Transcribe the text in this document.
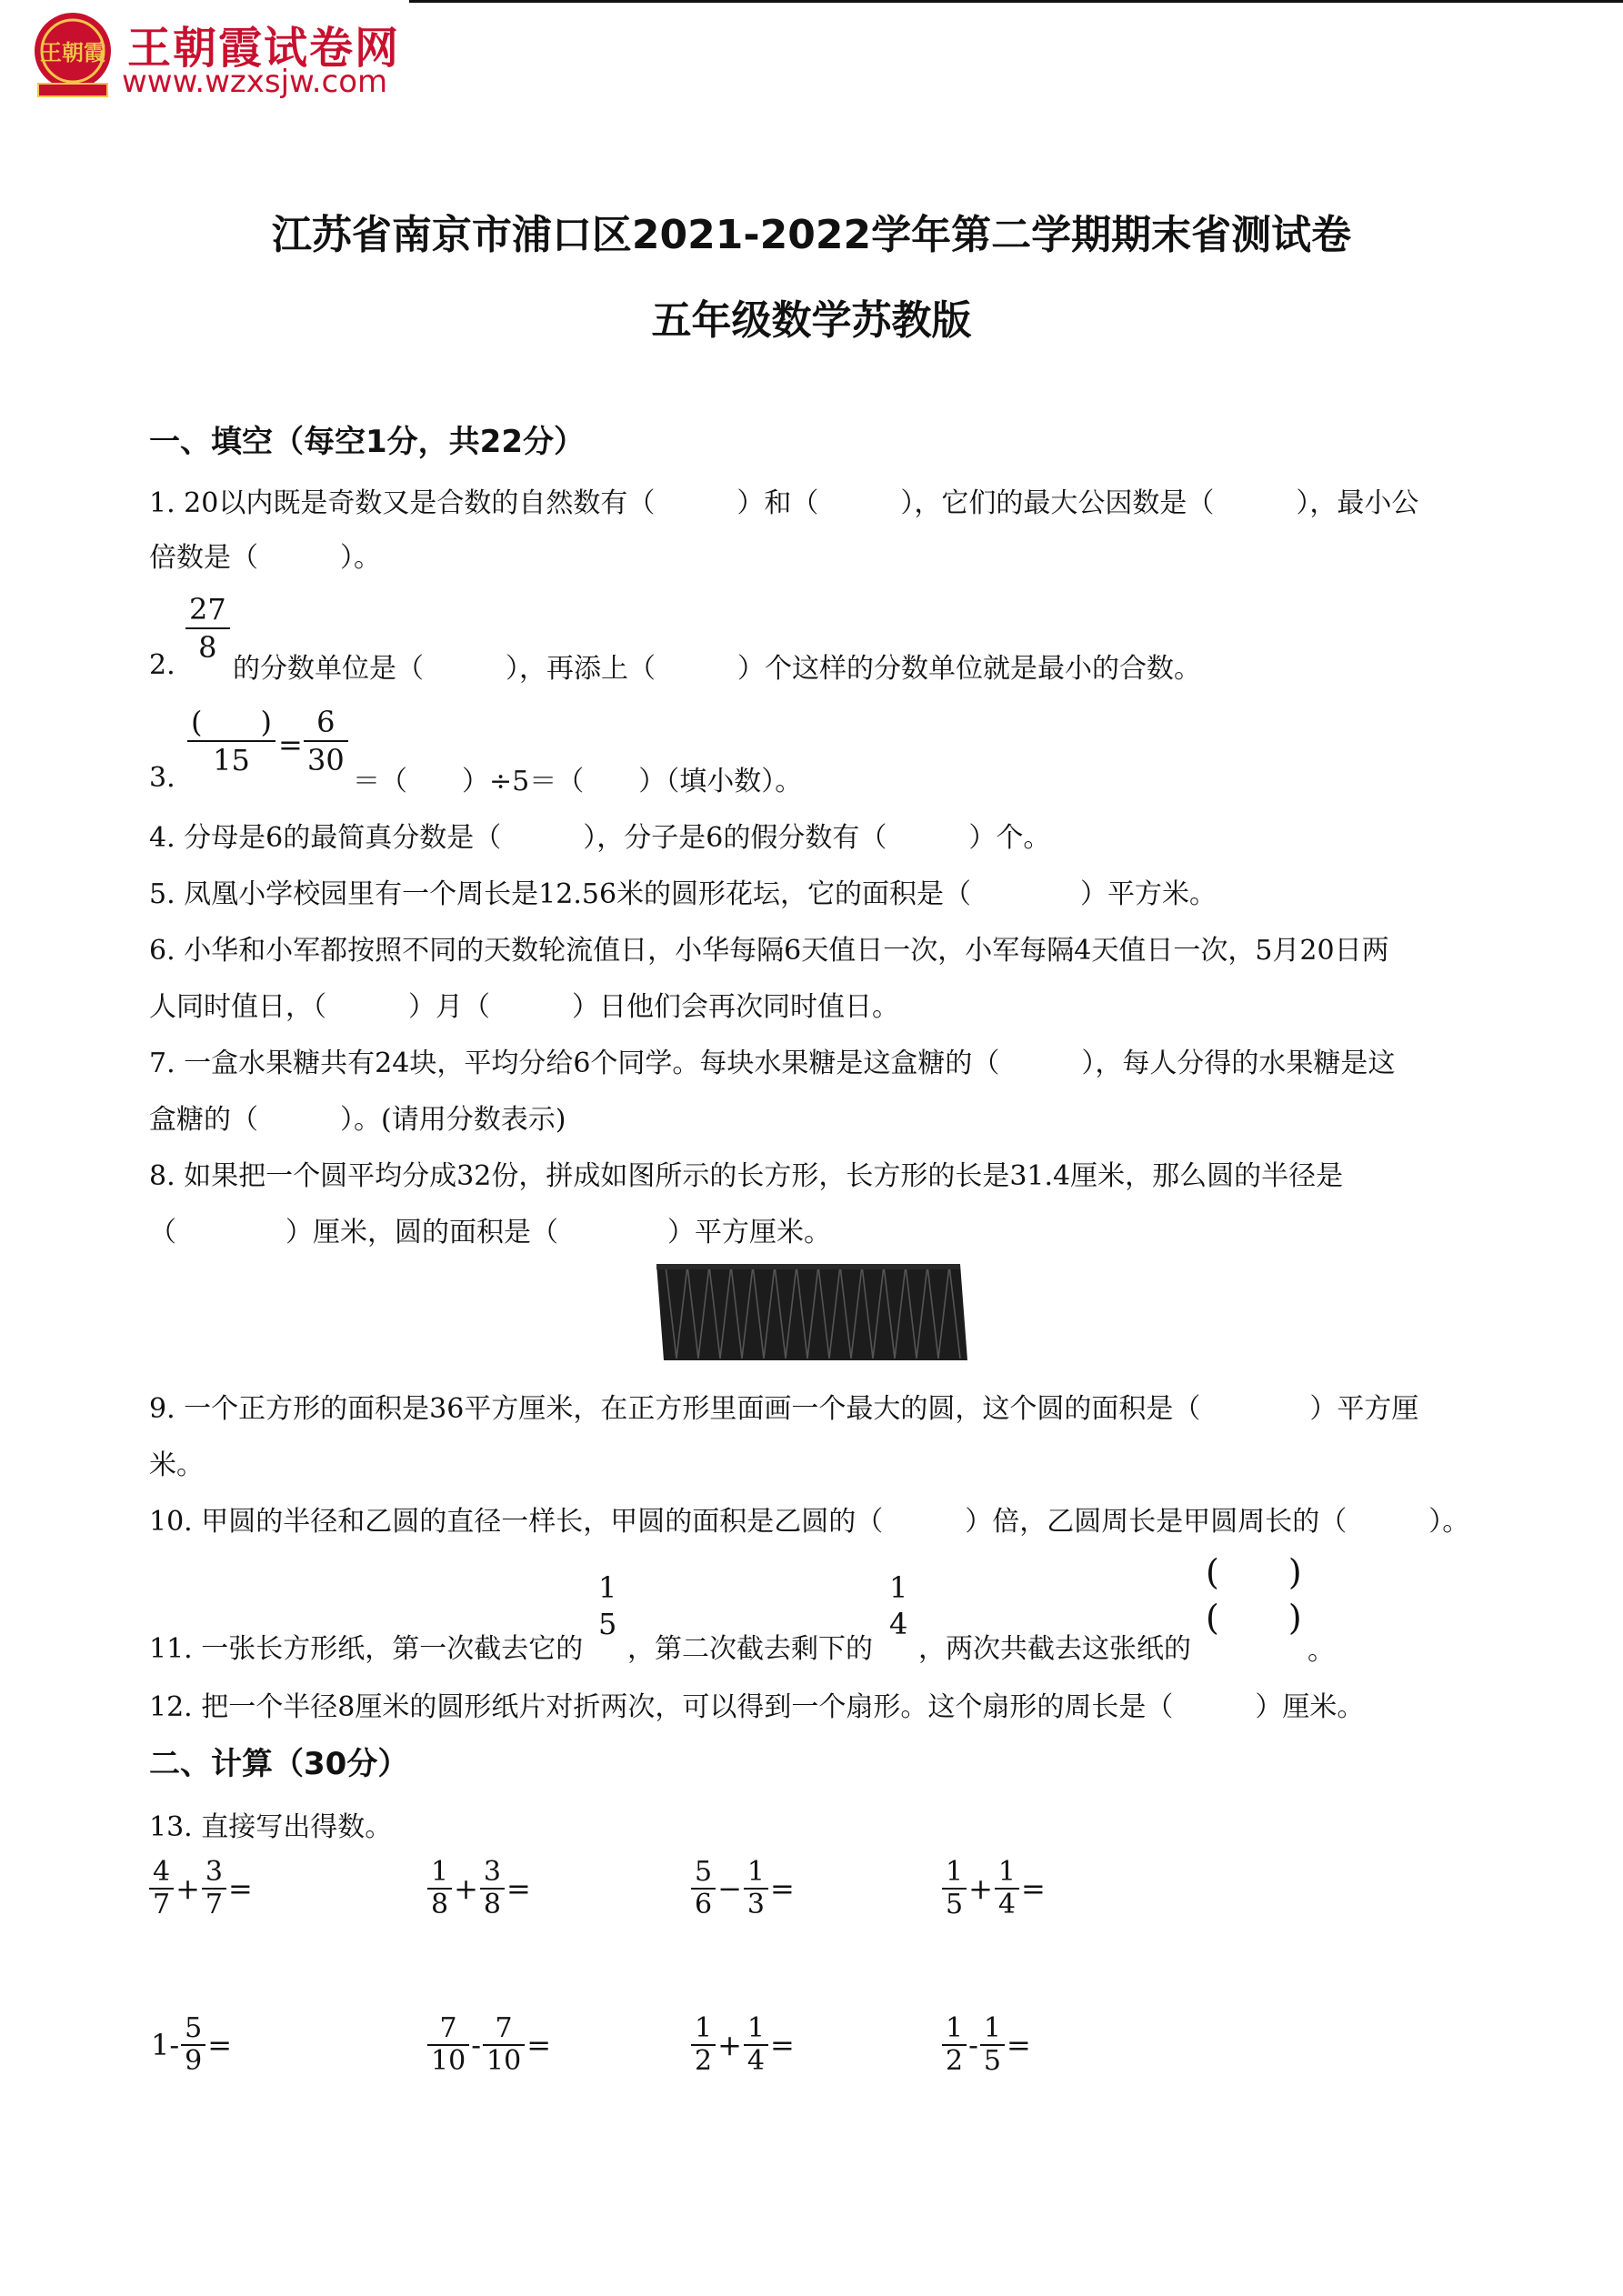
王朝霞 王朝霞试卷网
www.wzxsjw.com
江苏省南京市浦口区2021-2022学年第二学期期末省测试卷
五年级数学苏教版
一、填空（每空1分，共22分）
1. 20以内既是奇数又是合数的自然数有（　　　）和（　　　），它们的最大公因数是（　　　），最小公
倍数是（　　　）。
2. $\frac{27}{8}$
的分数单位是（　　　），再添上（　　　）个这样的分数单位就是最小的合数。
3.
(　　)
$15 = \frac{6}{30}$
＝（　　）÷5＝（　　）（填小数）。
4. 分母是6的最简真分数是（　　　），分子是6的假分数有（　　　）个。
5. 凤凰小学校园里有一个周长是12.56米的圆形花坛，它的面积是（　　　　）平方米。
6. 小华和小军都按照不同的天数轮流值日，小华每隔6天值日一次，小军每隔4天值日一次，5月20日两
人同时值日，（　　　）月（　　　）日他们会再次同时值日。
7. 一盒水果糖共有24块，平均分给6个同学。每块水果糖是这盒糖的（　　　），每人分得的水果糖是这
盒糖的（　　　）。(请用分数表示)
8. 如果把一个圆平均分成32份，拼成如图所示的长方形，长方形的长是31.4厘米，那么圆的半径是
（　　　　）厘米，圆的面积是（　　　　）平方厘米。
9. 一个正方形的面积是36平方厘米，在正方形里面画一个最大的圆，这个圆的面积是（　　　　）平方厘
米。
10. 甲圆的半径和乙圆的直径一样长，甲圆的面积是乙圆的（　　　）倍，乙圆周长是甲圆周长的（　　　）。
11. 一张长方形纸，第一次截去它的
1
5
，第二次截去剩下的
1
4
，两次共截去这张纸的
(　　)
(　　)
。
12. 把一个半径8厘米的圆形纸片对折两次，可以得到一个扇形。这个扇形的周长是（　　　）厘米。
二、计算（30分）
13. 直接写出得数。
$\frac{4}{7} + \frac{3}{7}$ =	$\frac{1}{8} + \frac{3}{8}$ =	$\frac{5}{6} - \frac{1}{3}$ =	$\frac{1}{5} + \frac{1}{4}$ =
$1- \frac{5}{9}$ =	$\frac{7}{10} - \frac{7}{10}$ =	$\frac{1}{2} + \frac{1}{4}$ =	$\frac{1}{2} - \frac{1}{5}$ =
